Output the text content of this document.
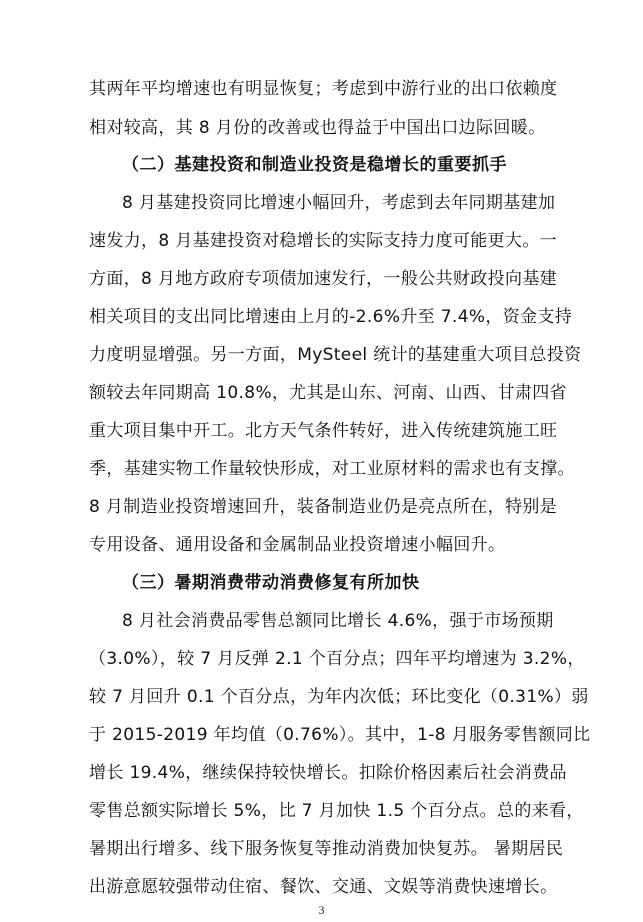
其两年平均增速也有明显恢复；考虑到中游行业的出口依赖度
相对较高，其 8 月份的改善或也得益于中国出口边际回暖。
（二）基建投资和制造业投资是稳增长的重要抓手
8 月基建投资同比增速小幅回升，考虑到去年同期基建加
速发力，8 月基建投资对稳增长的实际支持力度可能更大。一
方面，8 月地方政府专项债加速发行，一般公共财政投向基建
相关项目的支出同比增速由上月的-2.6%升至 7.4%，资金支持
力度明显增强。另一方面，MySteel 统计的基建重大项目总投资
额较去年同期高 10.8%，尤其是山东、河南、山西、甘肃四省
重大项目集中开工。北方天气条件转好，进入传统建筑施工旺
季，基建实物工作量较快形成，对工业原材料的需求也有支撑。
8 月制造业投资增速回升，装备制造业仍是亮点所在，特别是
专用设备、通用设备和金属制品业投资增速小幅回升。
（三）暑期消费带动消费修复有所加快
8 月社会消费品零售总额同比增长 4.6%，强于市场预期
（3.0%），较 7 月反弹 2.1 个百分点；四年平均增速为 3.2%，
较 7 月回升 0.1 个百分点，为年内次低；环比变化（0.31%）弱
于 2015-2019 年均值（0.76%）。其中，1-8 月服务零售额同比
增长 19.4%，继续保持较快增长。扣除价格因素后社会消费品
零售总额实际增长 5%，比 7 月加快 1.5 个百分点。总的来看，
暑期出行增多、线下服务恢复等推动消费加快复苏。 暑期居民
出游意愿较强带动住宿、餐饮、交通、文娱等消费快速增长。
3
